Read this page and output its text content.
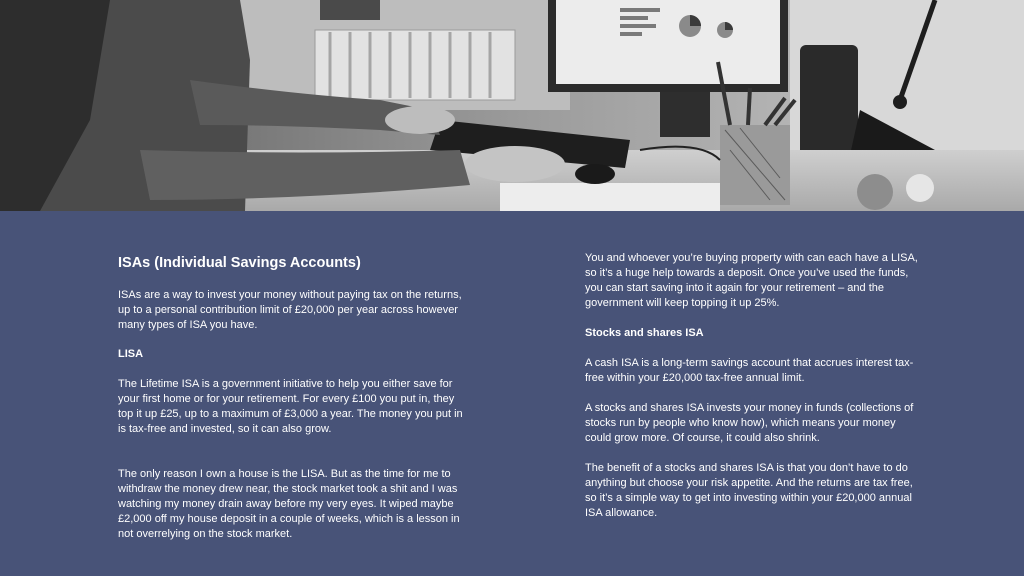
ISAs (Individual Savings Accounts)

ISAs are a way to invest your money without paying tax on the returns, up to a personal contribution limit of £20,000 per year across however many types of ISA you have.

LISA

The Lifetime ISA is a government initiative to help you either save for your first home or for your retirement. For every £100 you put in, they top it up £25, up to a maximum of £3,000 a year. The money you put in is tax-free and invested, so it can also grow.

The only reason I own a house is the LISA. But as the time for me to withdraw the money drew near, the stock market took a shit and I was watching my money drain away before my very eyes. It wiped maybe £2,000 off my house deposit in a couple of weeks, which is a lesson in not overrelying on the stock market.

You and whoever you’re buying property with can each have a LISA, so it’s a huge help towards a deposit. Once you’ve used the funds, you can start saving into it again for your retirement – and the government will keep topping it up 25%.

Stocks and shares ISA

A cash ISA is a long-term savings account that accrues interest tax-free within your £20,000 tax-free annual limit.

A stocks and shares ISA invests your money in funds (collections of stocks run by people who know how), which means your money could grow more. Of course, it could also shrink.

The benefit of a stocks and shares ISA is that you don’t have to do anything but choose your risk appetite. And the returns are tax free, so it’s a simple way to get into investing within your £20,000 annual ISA allowance.
